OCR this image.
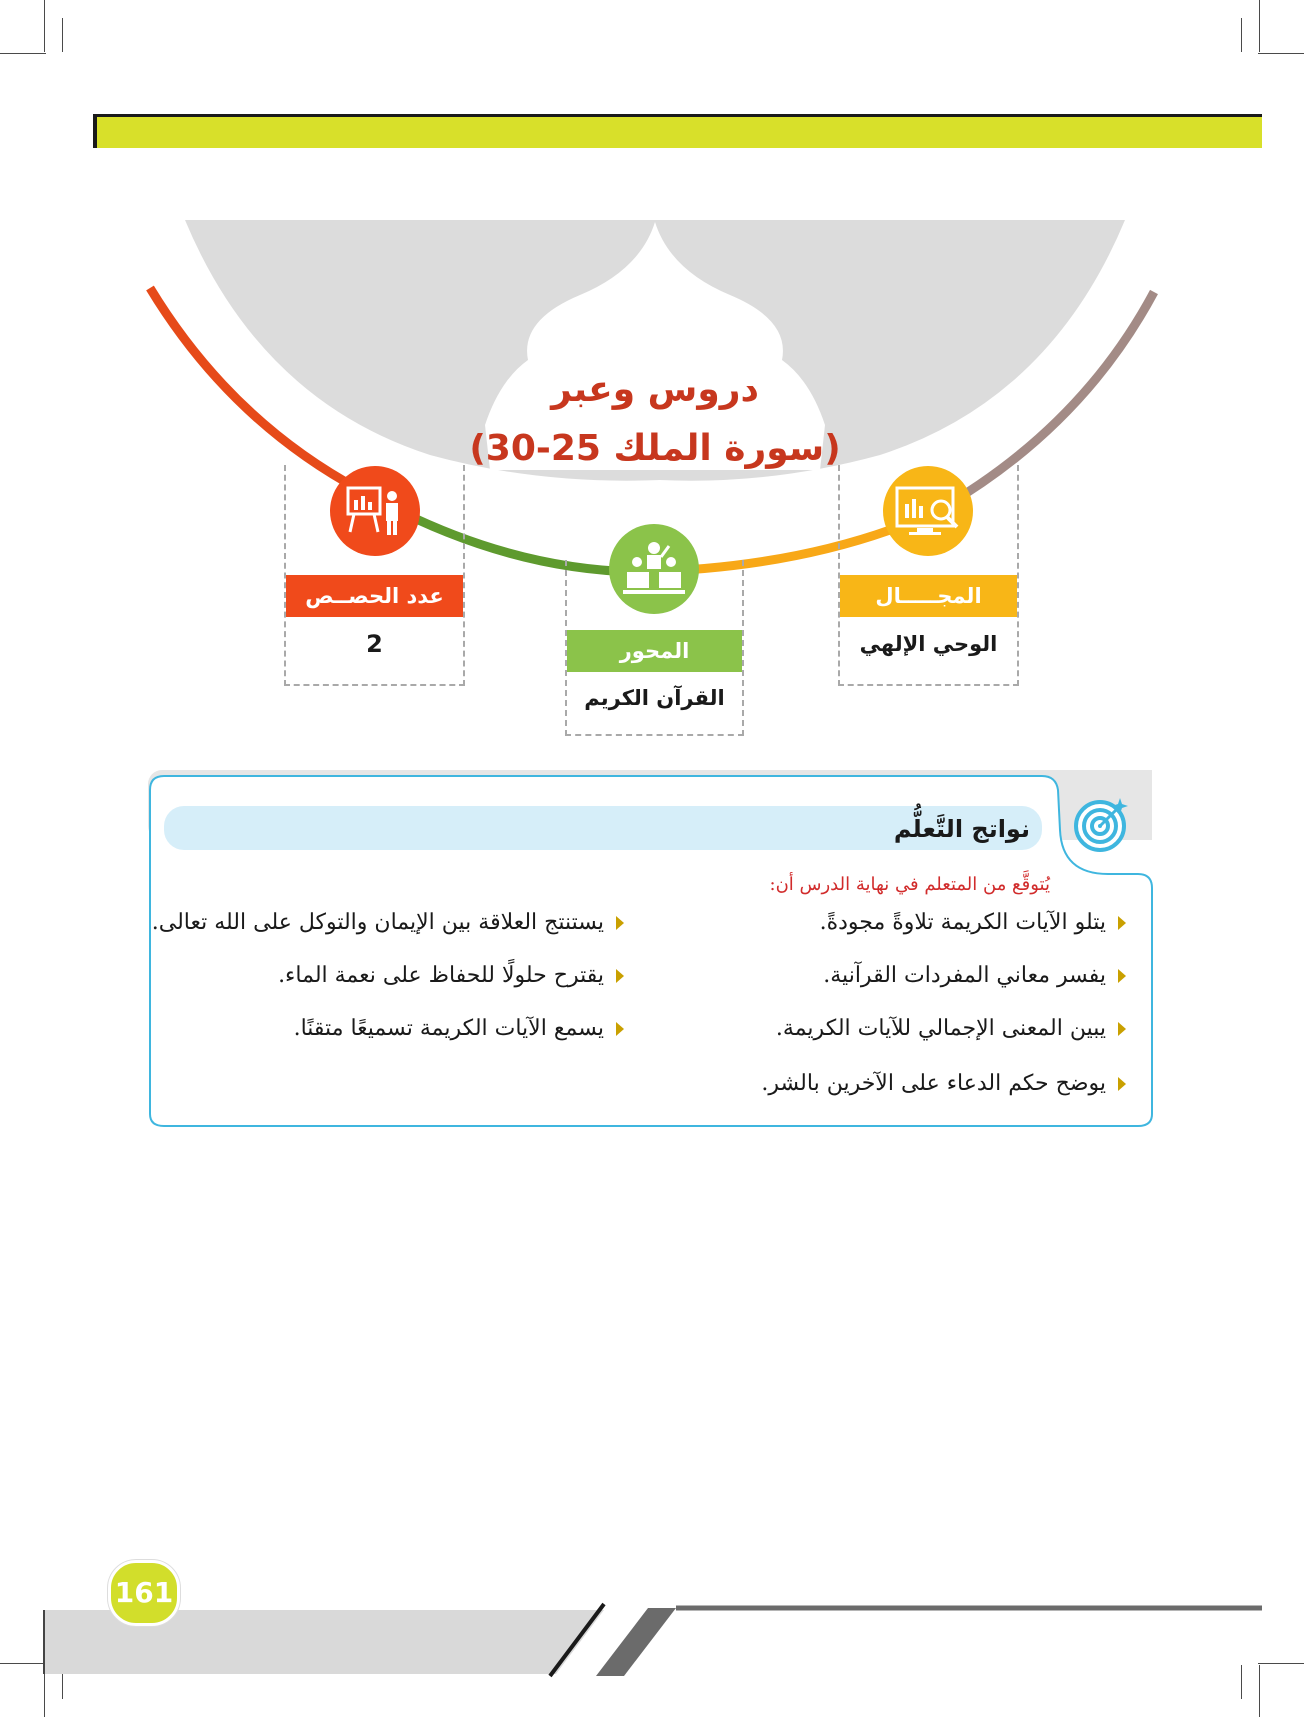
دروس وعبر
(سورة الملك 25-30)
عدد الحصــص
2	المحور
القرآن الكريم
المجـــــال
الوحي الإلهي
نواتج التَّعلُّم
يُتوقَّع من المتعلم في نهاية الدرس أن:
يتلو الآيات الكريمة تلاوةً مجودةً.
يفسر معاني المفردات القرآنية.
يبين المعنى الإجمالي للآيات الكريمة.
يوضح حكم الدعاء على الآخرين بالشر.
يستنتج العلاقة بين الإيمان والتوكل على الله تعالى.
يقترح حلولًا للحفاظ على نعمة الماء.
يسمع الآيات الكريمة تسميعًا متقنًا.
161
